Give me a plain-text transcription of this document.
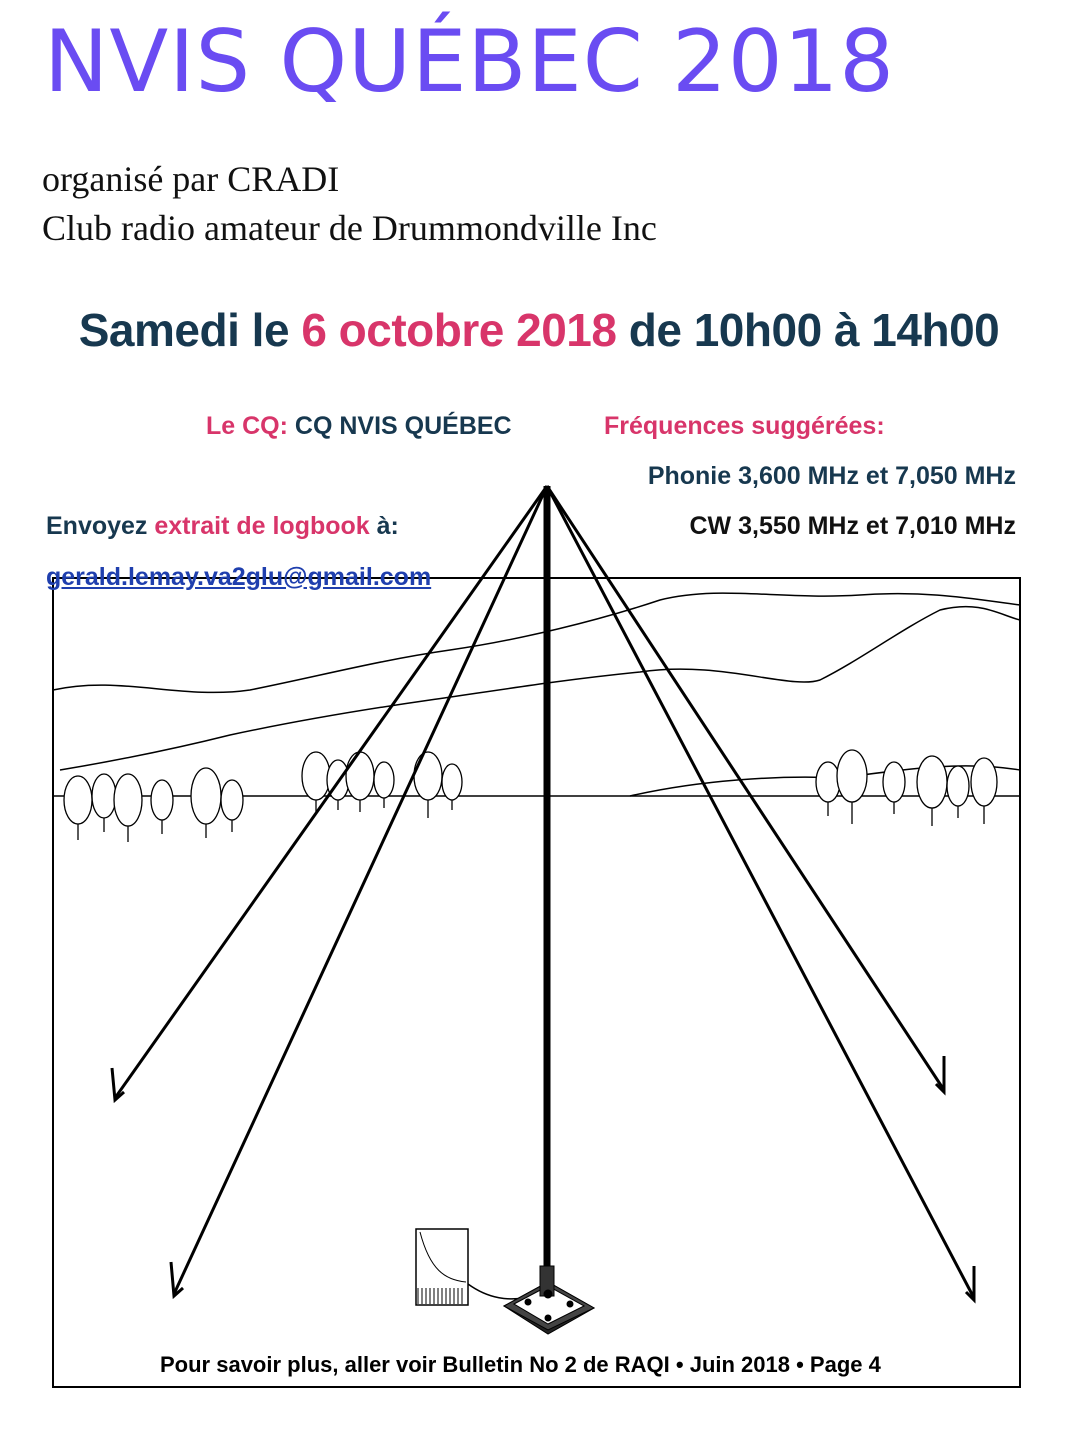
NVIS QUÉBEC 2018
organisé par CRADI
Club radio amateur de Drummondville Inc
Samedi le 6 octobre 2018 de 10h00 à 14h00
Le CQ: CQ NVIS QUÉBEC	Fréquences suggérées:
Phonie 3,600 MHz et 7,050 MHz
CW 3,550 MHz et 7,010 MHz
Envoyez extrait de logbook à:
gerald.lemay.va2glu@gmail.com
Pour savoir plus, aller voir Bulletin No 2 de RAQI • Juin 2018 • Page 4
